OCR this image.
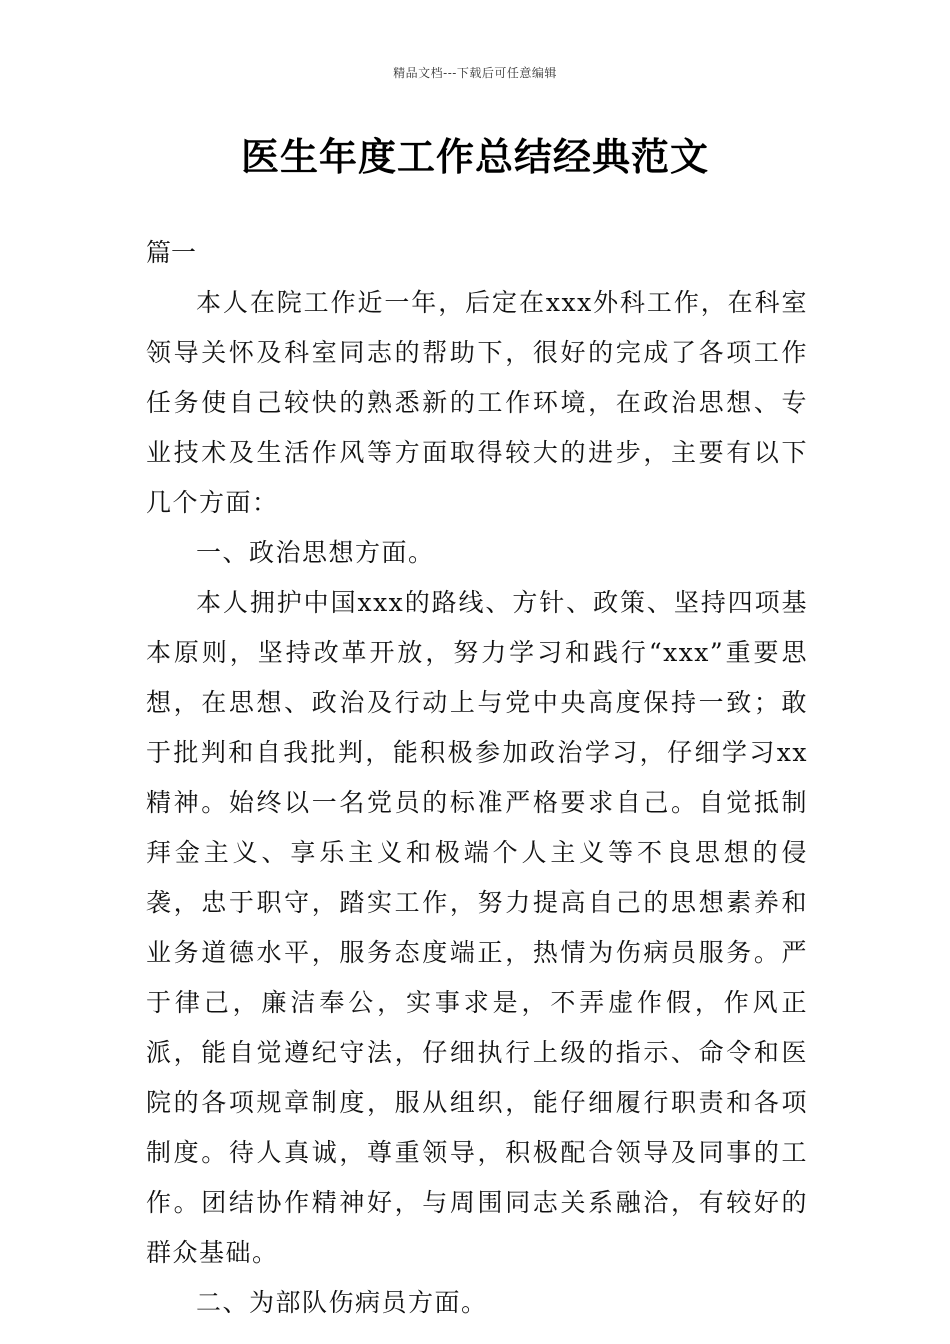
精品文档---下载后可任意编辑
医生年度工作总结经典范文

篇一

本人在院工作近一年，后定在xxx外科工作，在科室领导关怀及科室同志的帮助下，很好的完成了各项工作任务使自己较快的熟悉新的工作环境，在政治思想、专业技术及生活作风等方面取得较大的进步，主要有以下几个方面：

一、政治思想方面。

本人拥护中国xxx的路线、方针、政策、坚持四项基本原则，坚持改革开放，努力学习和践行“xxx”重要思想，在思想、政治及行动上与党中央高度保持一致；敢于批判和自我批判，能积极参加政治学习，仔细学习xx精神。始终以一名党员的标准严格要求自己。自觉抵制拜金主义、享乐主义和极端个人主义等不良思想的侵袭，忠于职守，踏实工作，努力提高自己的思想素养和业务道德水平，服务态度端正，热情为伤病员服务。严于律己，廉洁奉公，实事求是，不弄虚作假，作风正派，能自觉遵纪守法，仔细执行上级的指示、命令和医院的各项规章制度，服从组织，能仔细履行职责和各项制度。待人真诚，尊重领导，积极配合领导及同事的工作。团结协作精神好，与周围同志关系融洽，有较好的群众基础。

二、为部队伤病员方面。
